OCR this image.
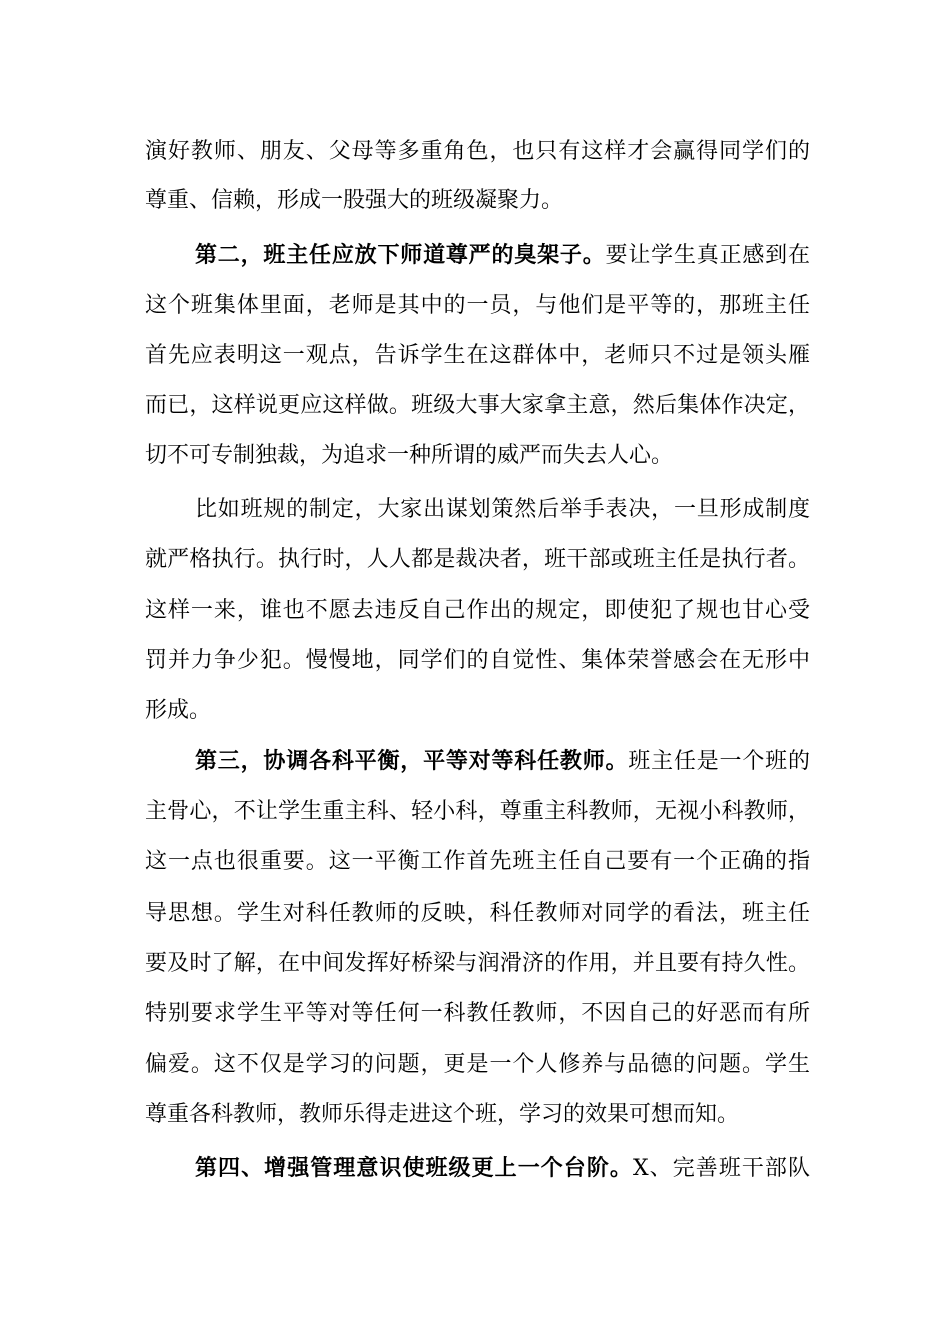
演好教师、朋友、父母等多重角色，也只有这样才会赢得同学们的
尊重、信赖，形成一股强大的班级凝聚力。
第二，班主任应放下师道尊严的臭架子。要让学生真正感到在
这个班集体里面，老师是其中的一员，与他们是平等的，那班主任
首先应表明这一观点，告诉学生在这群体中，老师只不过是领头雁
而已，这样说更应这样做。班级大事大家拿主意，然后集体作决定，
切不可专制独裁，为追求一种所谓的威严而失去人心。
比如班规的制定，大家出谋划策然后举手表决，一旦形成制度
就严格执行。执行时，人人都是裁决者，班干部或班主任是执行者。
这样一来，谁也不愿去违反自己作出的规定，即使犯了规也甘心受
罚并力争少犯。慢慢地，同学们的自觉性、集体荣誉感会在无形中
形成。
第三，协调各科平衡，平等对等科任教师。班主任是一个班的
主骨心，不让学生重主科、轻小科，尊重主科教师，无视小科教师，
这一点也很重要。这一平衡工作首先班主任自己要有一个正确的指
导思想。学生对科任教师的反映，科任教师对同学的看法，班主任
要及时了解，在中间发挥好桥梁与润滑济的作用，并且要有持久性。
特别要求学生平等对等任何一科教任教师，不因自己的好恶而有所
偏爱。这不仅是学习的问题，更是一个人修养与品德的问题。学生
尊重各科教师，教师乐得走进这个班，学习的效果可想而知。
第四、增强管理意识使班级更上一个台阶。X、完善班干部队
